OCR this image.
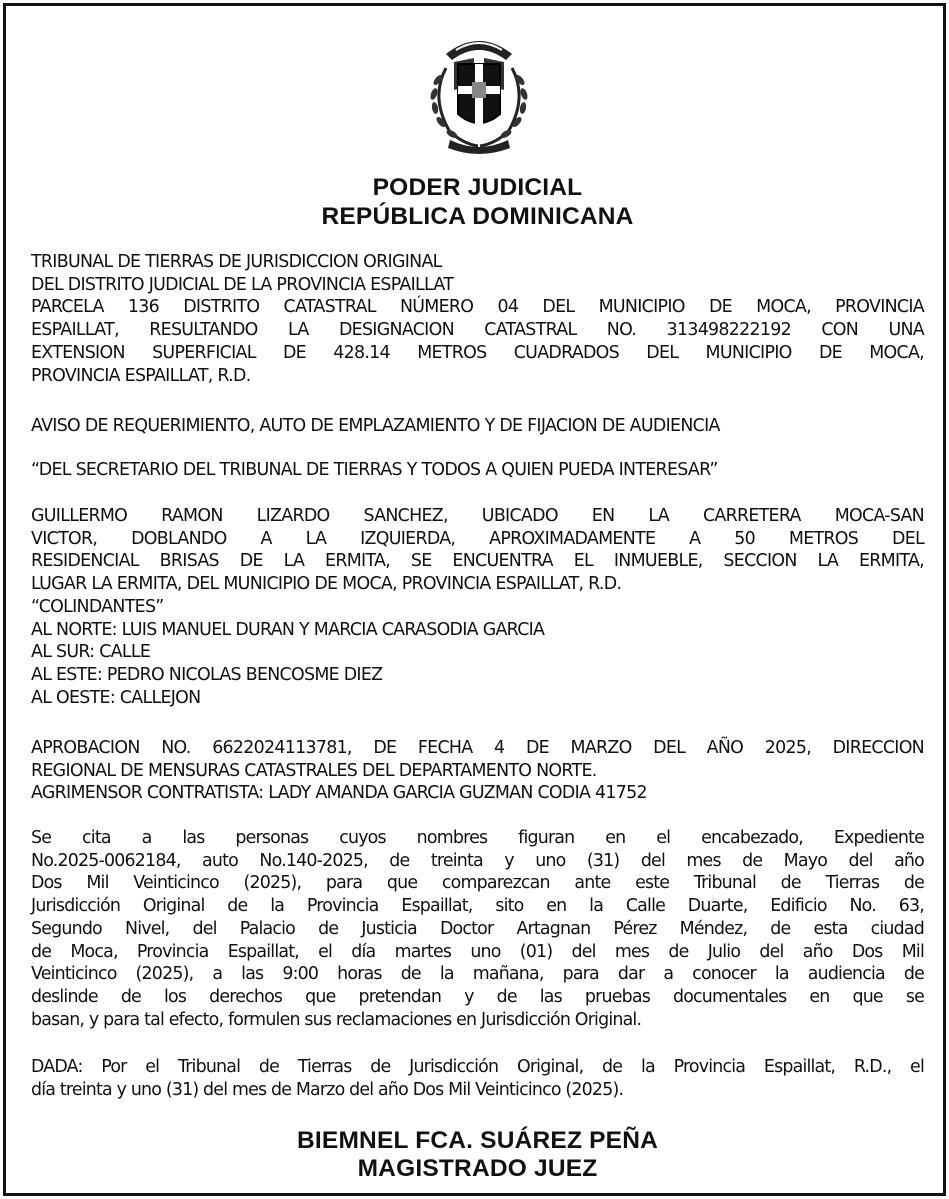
PODER JUDICIAL
REPÚBLICA DOMINICANA
TRIBUNAL DE TIERRAS DE JURISDICCION ORIGINAL
DEL DISTRITO JUDICIAL DE LA PROVINCIA ESPAILLAT
PARCELA 136 DISTRITO CATASTRAL NÚMERO 04 DEL MUNICIPIO DE MOCA, PROVINCIA
ESPAILLAT, RESULTANDO LA DESIGNACION CATASTRAL NO. 313498222192 CON UNA
EXTENSION SUPERFICIAL DE 428.14 METROS CUADRADOS DEL MUNICIPIO DE MOCA,
PROVINCIA ESPAILLAT, R.D.
AVISO DE REQUERIMIENTO, AUTO DE EMPLAZAMIENTO Y DE FIJACION DE AUDIENCIA
“DEL SECRETARIO DEL TRIBUNAL DE TIERRAS Y TODOS A QUIEN PUEDA INTERESAR”
GUILLERMO RAMON LIZARDO SANCHEZ, UBICADO EN LA CARRETERA MOCA-SAN
VICTOR, DOBLANDO A LA IZQUIERDA, APROXIMADAMENTE A 50 METROS DEL
RESIDENCIAL BRISAS DE LA ERMITA, SE ENCUENTRA EL INMUEBLE, SECCION LA ERMITA,
LUGAR LA ERMITA, DEL MUNICIPIO DE MOCA, PROVINCIA ESPAILLAT, R.D.
“COLINDANTES”
AL NORTE: LUIS MANUEL DURAN Y MARCIA CARASODIA GARCIA
AL SUR: CALLE
AL ESTE: PEDRO NICOLAS BENCOSME DIEZ
AL OESTE: CALLEJON
APROBACION NO. 6622024113781, DE FECHA 4 DE MARZO DEL AÑO 2025, DIRECCION
REGIONAL DE MENSURAS CATASTRALES DEL DEPARTAMENTO NORTE.
AGRIMENSOR CONTRATISTA: LADY AMANDA GARCIA GUZMAN CODIA 41752
Se cita a las personas cuyos nombres figuran en el encabezado, Expediente
No.2025-0062184, auto No.140-2025, de treinta y uno (31) del mes de Mayo del año
Dos Mil Veinticinco (2025), para que comparezcan ante este Tribunal de Tierras de
Jurisdicción Original de la Provincia Espaillat, sito en la Calle Duarte, Edificio No. 63,
Segundo Nivel, del Palacio de Justicia Doctor Artagnan Pérez Méndez, de esta ciudad
de Moca, Provincia Espaillat, el día martes uno (01) del mes de Julio del año Dos Mil
Veinticinco (2025), a las 9:00 horas de la mañana, para dar a conocer la audiencia de
deslinde de los derechos que pretendan y de las pruebas documentales en que se
basan, y para tal efecto, formulen sus reclamaciones en Jurisdicción Original.
DADA: Por el Tribunal de Tierras de Jurisdicción Original, de la Provincia Espaillat, R.D., el
día treinta y uno (31) del mes de Marzo del año Dos Mil Veinticinco (2025).
BIEMNEL FCA. SUÁREZ PEÑA
MAGISTRADO JUEZ
